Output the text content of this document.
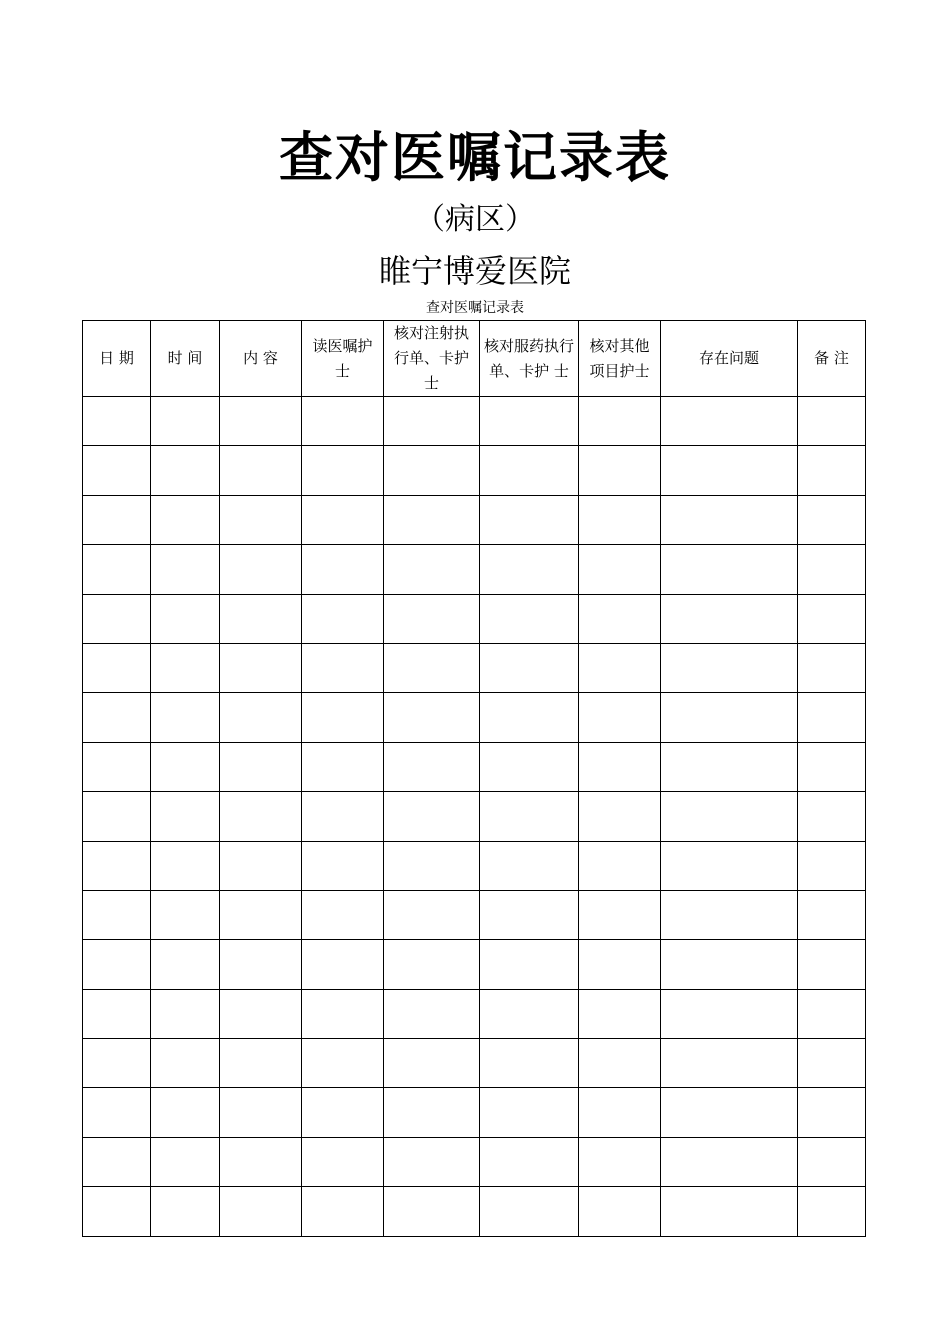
查对医嘱记录表
（病区）
睢宁博爱医院
查对医嘱记录表
日 期	时 间	内 容	读医嘱护 士	核对注射执行单、卡护 士	核对服药执行单、卡护 士	核对其他项目护士	存在问题	备 注
